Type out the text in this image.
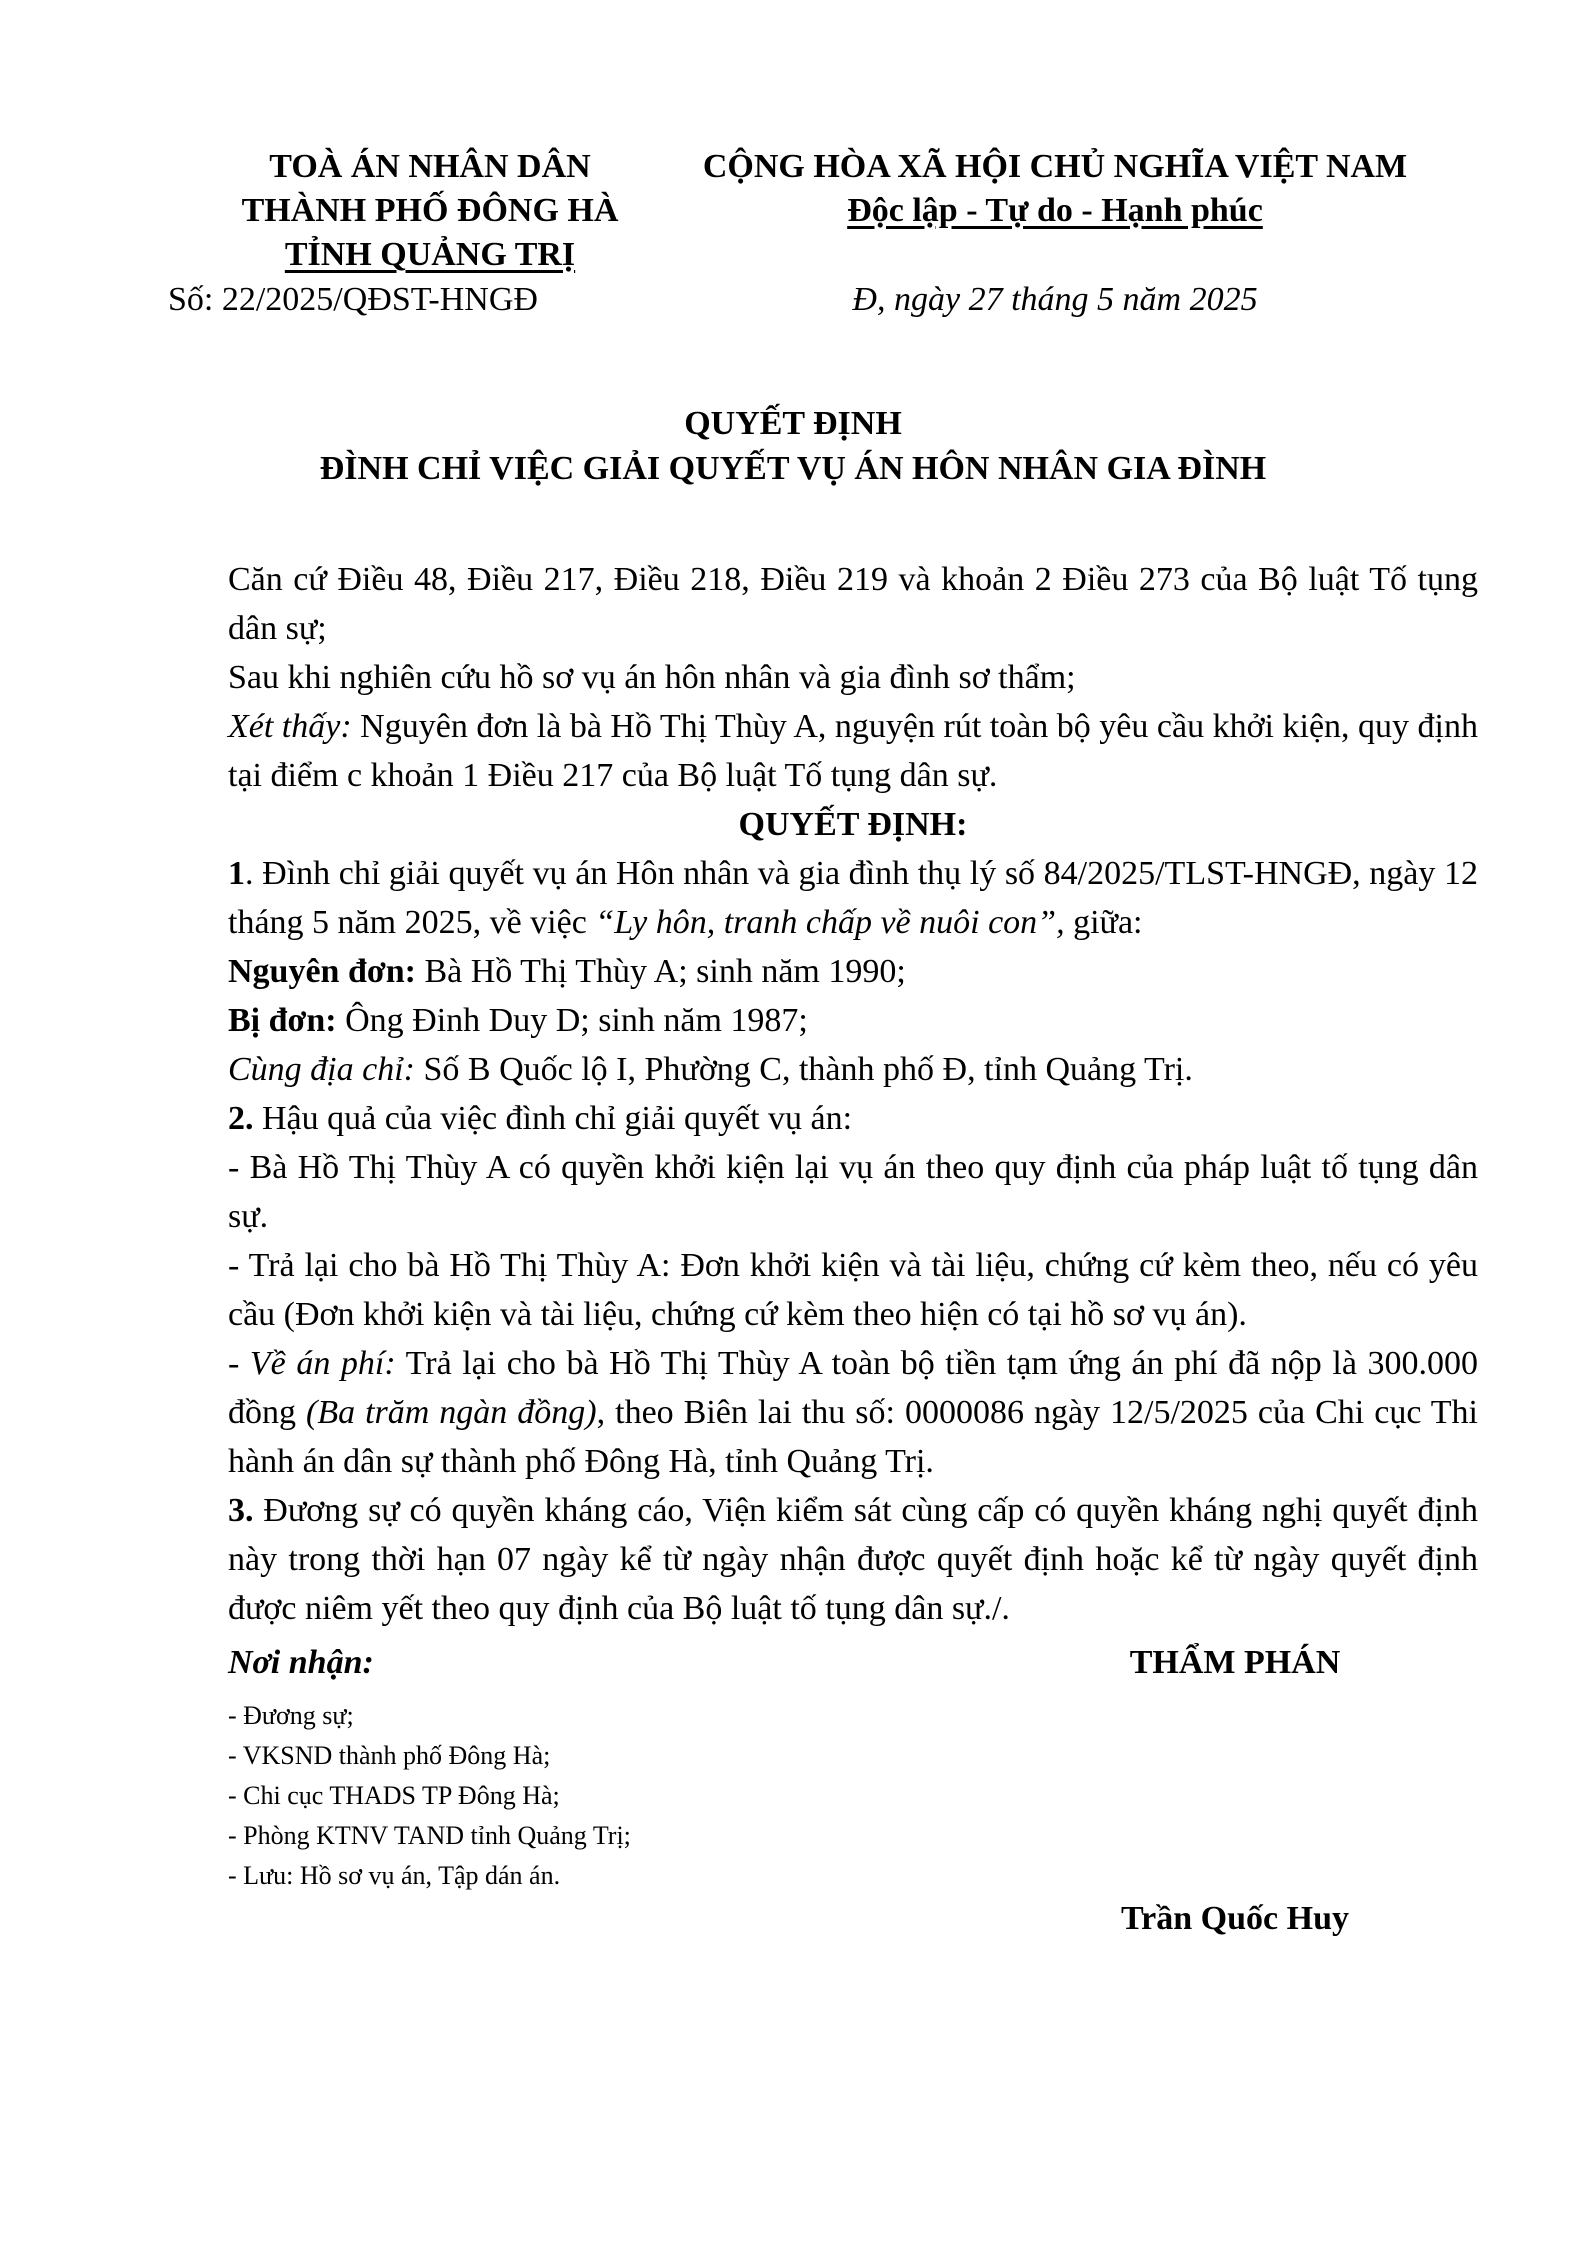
TOÀ ÁN NHÂN DÂN
THÀNH PHỐ ĐÔNG HÀ
TỈNH QUẢNG TRỊ
Số: 22/2025/QĐST-HNGĐ
CỘNG HÒA XÃ HỘI CHỦ NGHĨA VIỆT NAM
Độc lập - Tự do - Hạnh phúc
Đ, ngày 27 tháng 5 năm 2025
QUYẾT ĐỊNH
ĐÌNH CHỈ VIỆC GIẢI QUYẾT VỤ ÁN HÔN NHÂN GIA ĐÌNH

Căn cứ Điều 48, Điều 217, Điều 218, Điều 219 và khoản 2 Điều 273 của Bộ luật Tố tụng dân sự;

Sau khi nghiên cứu hồ sơ vụ án hôn nhân và gia đình sơ thẩm;

Xét thấy: Nguyên đơn là bà Hồ Thị Thùy A, nguyện rút toàn bộ yêu cầu khởi kiện, quy định tại điểm c khoản 1 Điều 217 của Bộ luật Tố tụng dân sự.

QUYẾT ĐỊNH:

1. Đình chỉ giải quyết vụ án Hôn nhân và gia đình thụ lý số 84/2025/TLST-HNGĐ, ngày 12 tháng 5 năm 2025, về việc “Ly hôn, tranh chấp về nuôi con”, giữa:

Nguyên đơn: Bà Hồ Thị Thùy A; sinh năm 1990;

Bị đơn: Ông Đinh Duy D; sinh năm 1987;

Cùng địa chỉ: Số B Quốc lộ I, Phường C, thành phố Đ, tỉnh Quảng Trị.

2. Hậu quả của việc đình chỉ giải quyết vụ án:

- Bà Hồ Thị Thùy A có quyền khởi kiện lại vụ án theo quy định của pháp luật tố tụng dân sự.

- Trả lại cho bà Hồ Thị Thùy A: Đơn khởi kiện và tài liệu, chứng cứ kèm theo, nếu có yêu cầu (Đơn khởi kiện và tài liệu, chứng cứ kèm theo hiện có tại hồ sơ vụ án).

- Về án phí: Trả lại cho bà Hồ Thị Thùy A toàn bộ tiền tạm ứng án phí đã nộp là 300.000 đồng (Ba trăm ngàn đồng), theo Biên lai thu số: 0000086 ngày 12/5/2025 của Chi cục Thi hành án dân sự thành phố Đông Hà, tỉnh Quảng Trị.

3. Đương sự có quyền kháng cáo, Viện kiểm sát cùng cấp có quyền kháng nghị quyết định này trong thời hạn 07 ngày kể từ ngày nhận được quyết định hoặc kể từ ngày quyết định được niêm yết theo quy định của Bộ luật tố tụng dân sự./.

Nơi nhận:
- Đương sự;
- VKSND thành phố Đông Hà;
- Chi cục THADS TP Đông Hà;
- Phòng KTNV TAND tỉnh Quảng Trị;
- Lưu: Hồ sơ vụ án, Tập dán án.
THẨM PHÁN
Trần Quốc Huy
